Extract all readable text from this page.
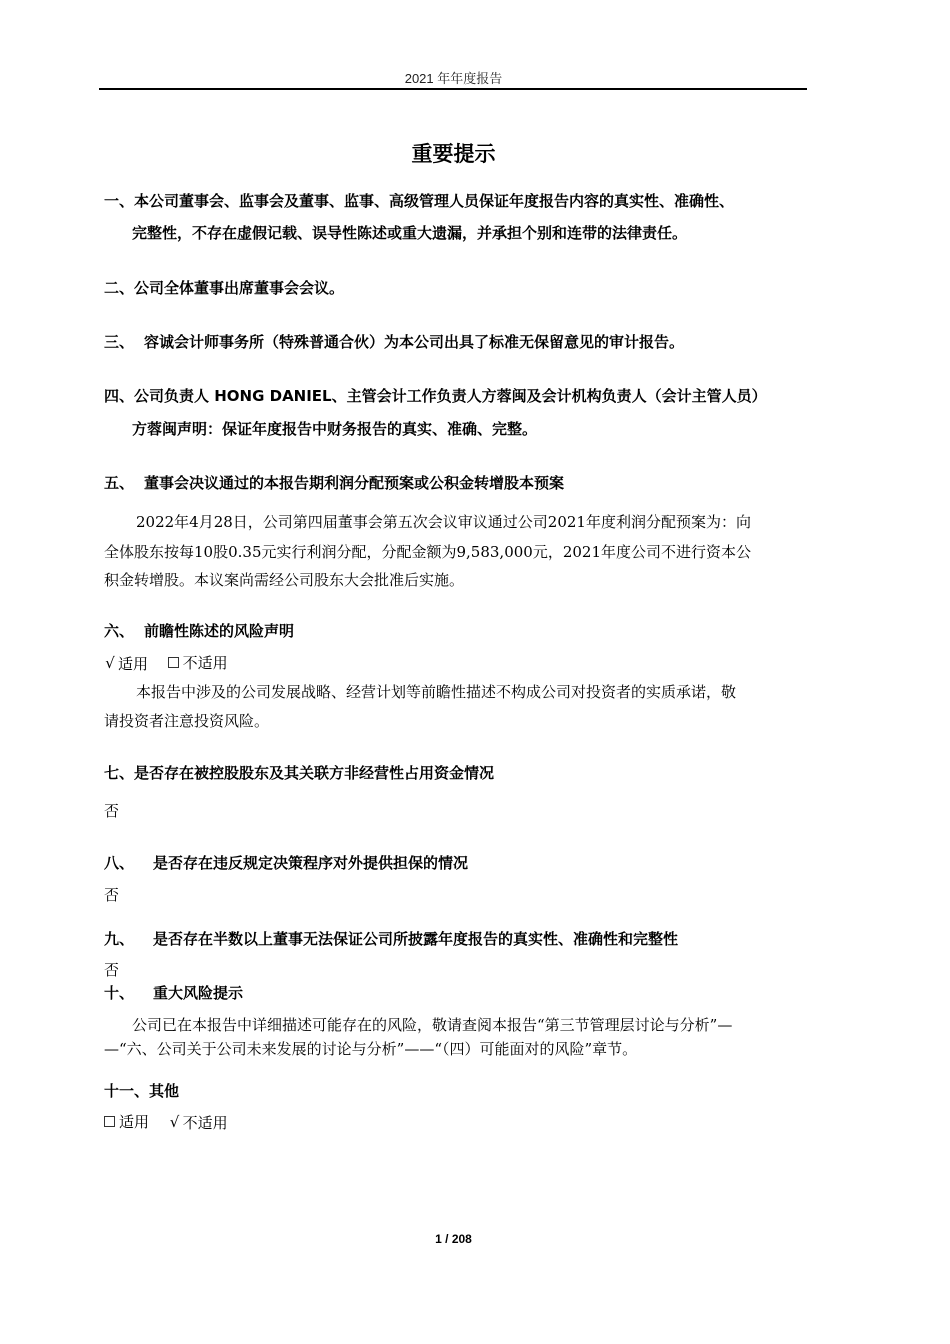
2021 年年度报告
重要提示
一、本公司董事会、监事会及董事、监事、高级管理人员保证年度报告内容的真实性、准确性、
完整性，不存在虚假记载、误导性陈述或重大遗漏，并承担个别和连带的法律责任。
二、公司全体董事出席董事会会议。
三、 容诚会计师事务所（特殊普通合伙）为本公司出具了标准无保留意见的审计报告。
四、公司负责人 HONG DANIEL、主管会计工作负责人方蓉闽及会计机构负责人（会计主管人员）
方蓉闽声明：保证年度报告中财务报告的真实、准确、完整。
五、 董事会决议通过的本报告期利润分配预案或公积金转增股本预案
2022年4月28日，公司第四届董事会第五次会议审议通过公司2021年度利润分配预案为：向
全体股东按每10股0.35元实行利润分配，分配金额为9,583,000元，2021年度公司不进行资本公
积金转增股。本议案尚需经公司股东大会批准后实施。
六、 前瞻性陈述的风险声明
√ 适用
不适用
本报告中涉及的公司发展战略、经营计划等前瞻性描述不构成公司对投资者的实质承诺，敬
请投资者注意投资风险。
七、是否存在被控股股东及其关联方非经营性占用资金情况
否
八、 是否存在违反规定决策程序对外提供担保的情况
否
九、 是否存在半数以上董事无法保证公司所披露年度报告的真实性、准确性和完整性
否
十、 重大风险提示
公司已在本报告中详细描述可能存在的风险，敬请查阅本报告“第三节管理层讨论与分析”—
—“六、公司关于公司未来发展的讨论与分析”——“（四）可能面对的风险”章节。
十一、其他
适用
√ 不适用
1 / 208
